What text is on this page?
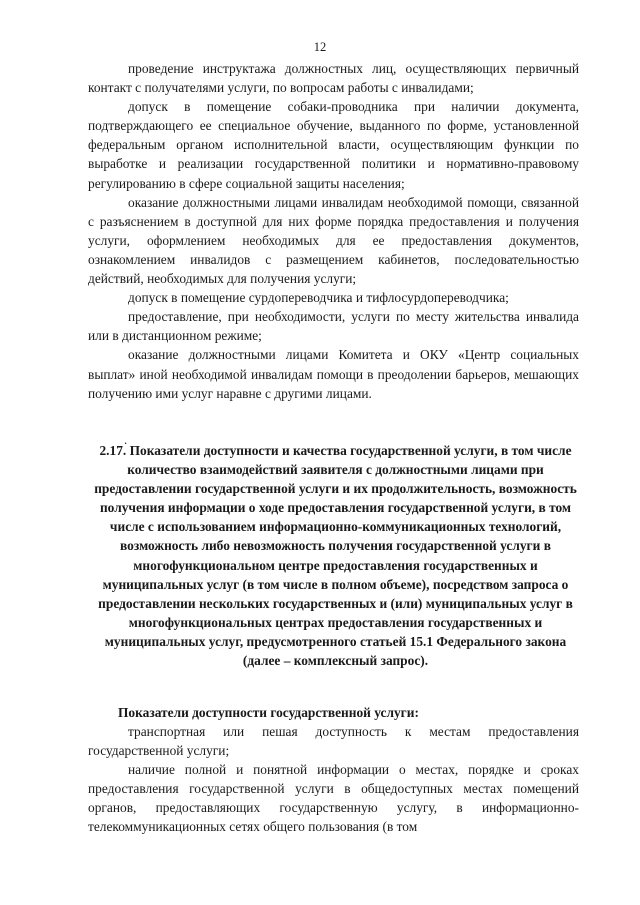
12

проведение инструктажа должностных лиц, осуществляющих первичный контакт с получателями услуги, по вопросам работы с инвалидами;

допуск в помещение собаки-проводника при наличии документа, подтверждающего ее специальное обучение, выданного по форме, установленной федеральным органом исполнительной власти, осуществляющим функции по выработке и реализации государственной политики и нормативно-правовому регулированию в сфере социальной защиты населения;

оказание должностными лицами инвалидам необходимой помощи, связанной с разъяснением в доступной для них форме порядка предоставления и получения услуги, оформлением необходимых для ее предоставления документов, ознакомлением инвалидов с размещением кабинетов, последовательностью действий, необходимых для получения услуги;

допуск в помещение сурдопереводчика и тифлосурдопереводчика;

предоставление, при необходимости, услуги по месту жительства инвалида или в дистанционном режиме;

оказание должностными лицами Комитета и ОКУ «Центр социальных выплат» иной необходимой инвалидам помощи в преодолении барьеров, мешающих получению ими услуг наравне с другими лицами.

.

2.17. Показатели доступности и качества государственной услуги, в том числе количество взаимодействий заявителя с должностными лицами при предоставлении государственной услуги и их продолжительность, возможность получения информации о ходе предоставления государственной услуги, в том числе с использованием информационно-коммуникационных технологий, возможность либо невозможность получения государственной услуги в многофункциональном центре предоставления государственных и муниципальных услуг (в том числе в полном объеме), посредством запроса о предоставлении нескольких государственных и (или) муниципальных услуг в многофункциональных центрах предоставления государственных и муниципальных услуг, предусмотренного статьей 15.1 Федерального закона (далее – комплексный запрос).

Показатели доступности государственной услуги:

транспортная или пешая доступность к местам предоставления государственной услуги;

наличие полной и понятной информации о местах, порядке и сроках предоставления государственной услуги в общедоступных местах помещений органов, предоставляющих государственную услугу, в информационно-телекоммуникационных сетях общего пользования (в том
